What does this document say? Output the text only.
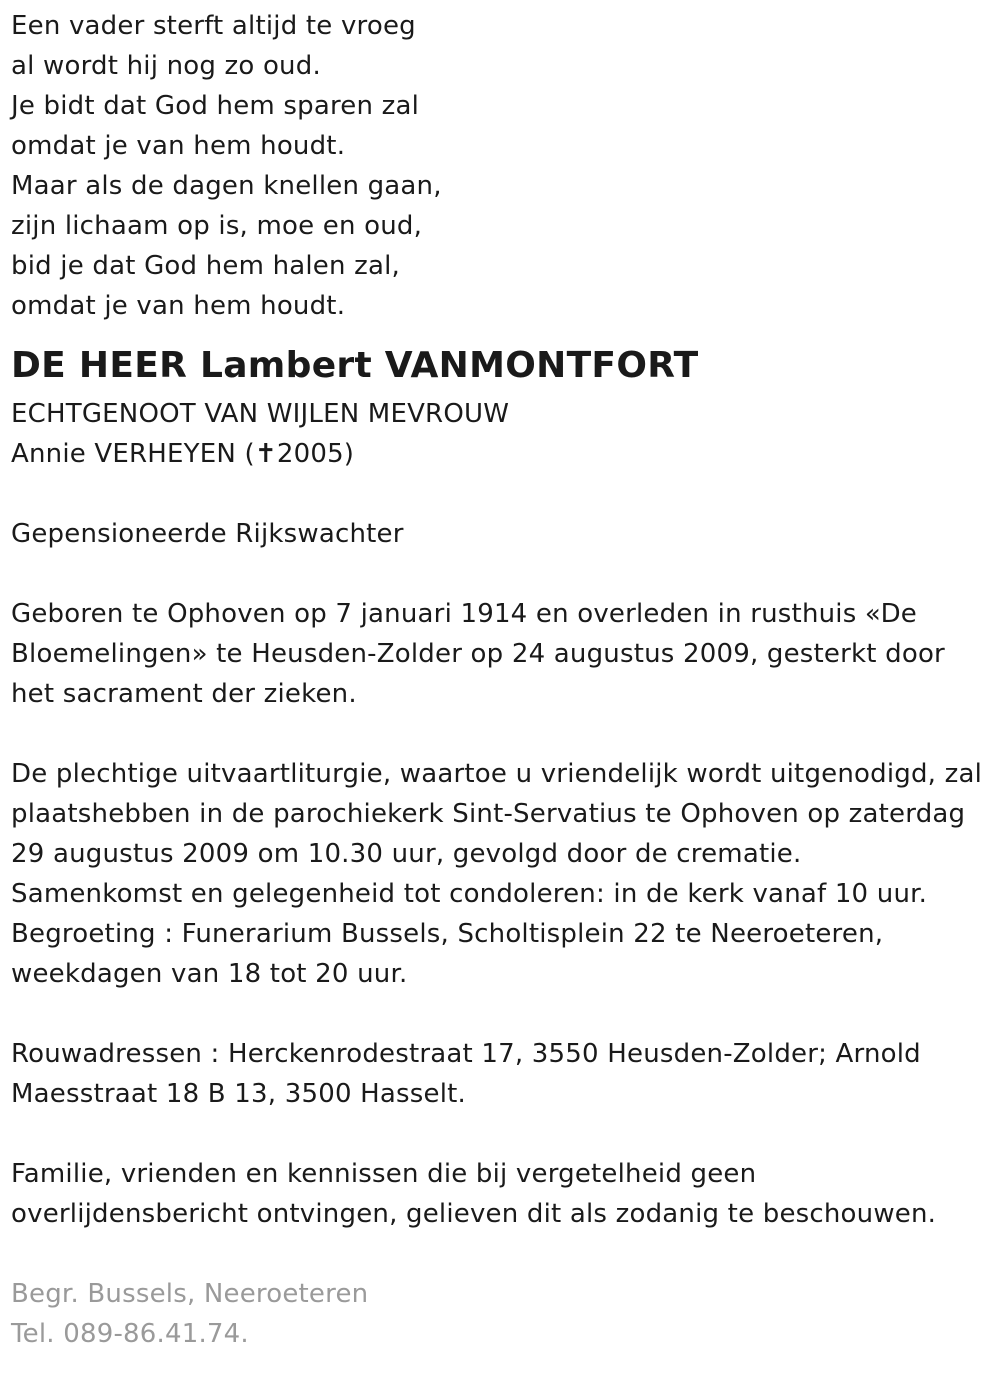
Een vader sterft altijd te vroeg
al wordt hij nog zo oud.
Je bidt dat God hem sparen zal
omdat je van hem houdt.
Maar als de dagen knellen gaan,
zijn lichaam op is, moe en oud,
bid je dat God hem halen zal,
omdat je van hem houdt.
DE HEER Lambert VANMONTFORT
ECHTGENOOT VAN WIJLEN MEVROUW
Annie VERHEYEN (✝2005)
Gepensioneerde Rijkswachter
Geboren te Ophoven op 7 januari 1914 en overleden in rusthuis «De
Bloemelingen» te Heusden-Zolder op 24 augustus 2009, gesterkt door
het sacrament der zieken.
De plechtige uitvaartliturgie, waartoe u vriendelijk wordt uitgenodigd, zal
plaatshebben in de parochiekerk Sint-Servatius te Ophoven op zaterdag
29 augustus 2009 om 10.30 uur, gevolgd door de crematie.
Samenkomst en gelegenheid tot condoleren: in de kerk vanaf 10 uur.
Begroeting : Funerarium Bussels, Scholtisplein 22 te Neeroeteren,
weekdagen van 18 tot 20 uur.
Rouwadressen : Herckenrodestraat 17, 3550 Heusden-Zolder; Arnold
Maesstraat 18 B 13, 3500 Hasselt.
Familie, vrienden en kennissen die bij vergetelheid geen
overlijdensbericht ontvingen, gelieven dit als zodanig te beschouwen.
Begr. Bussels, Neeroeteren
Tel. 089-86.41.74.
